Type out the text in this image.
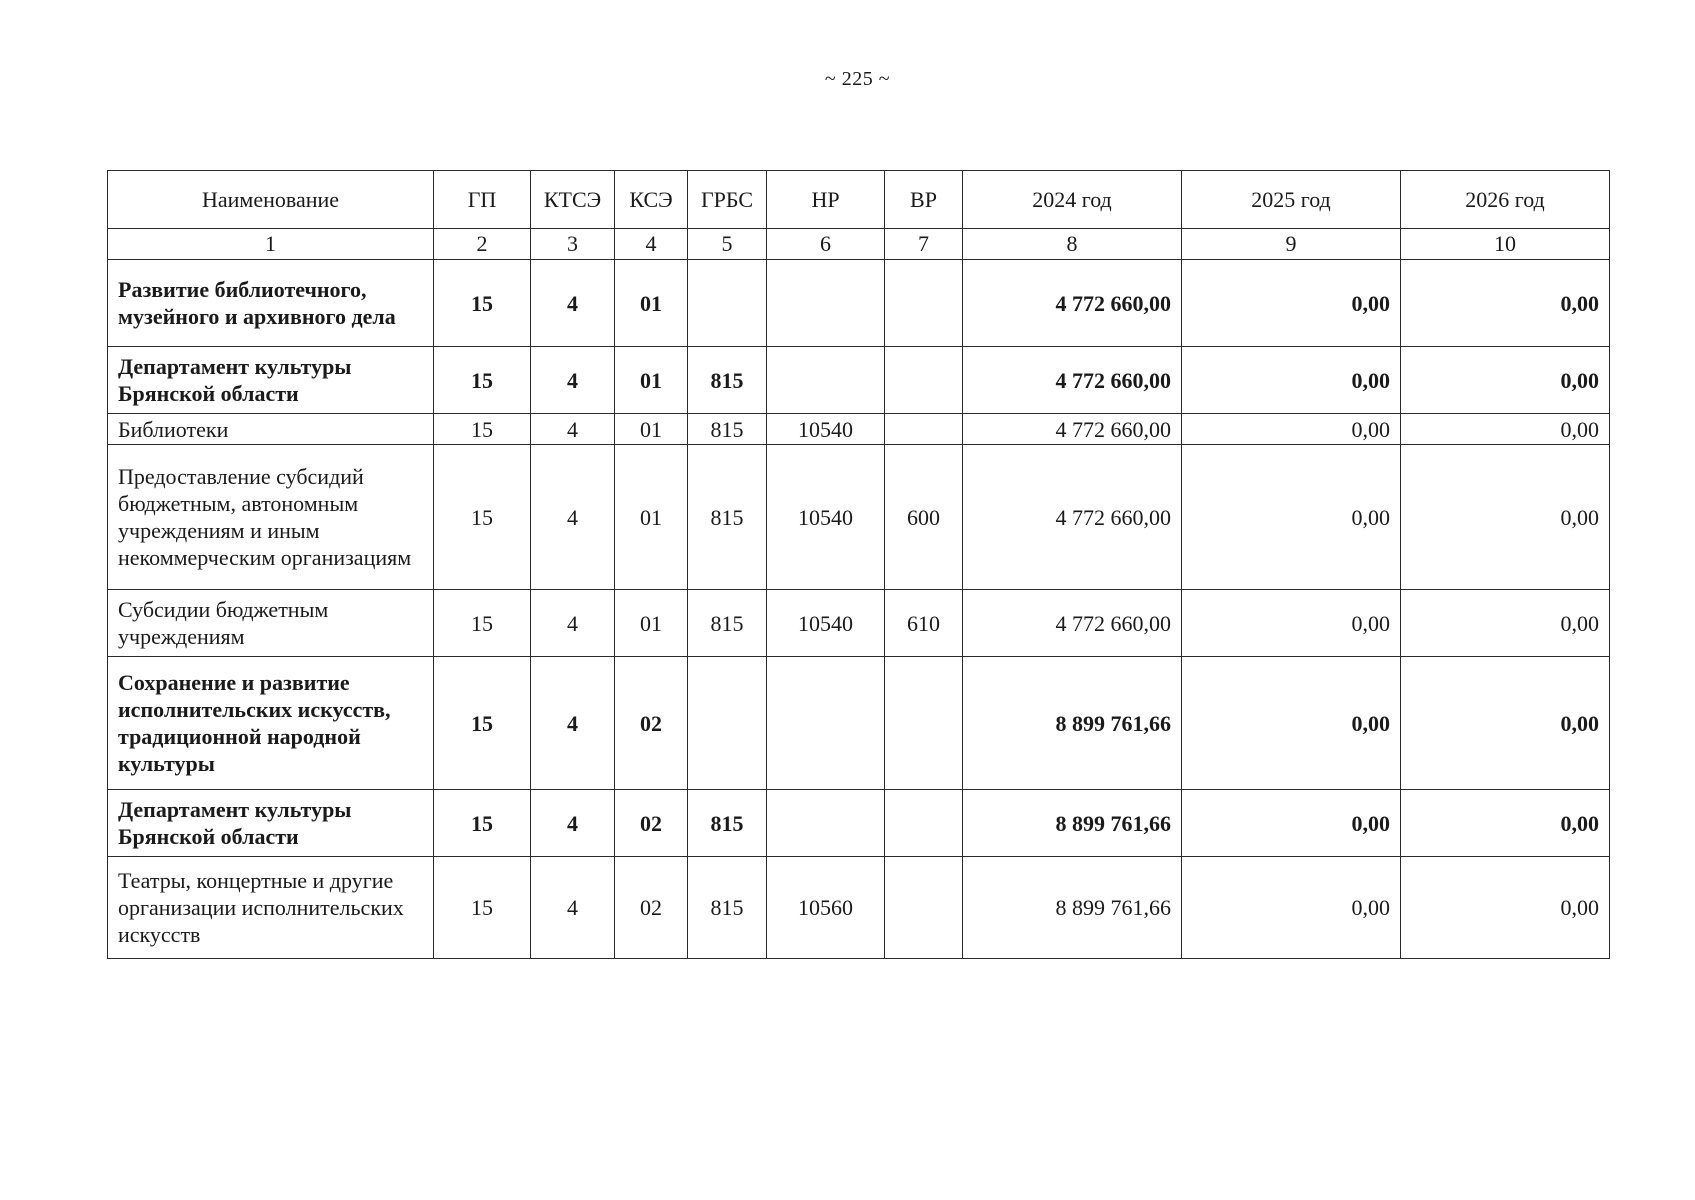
~ 225 ~
Наименование	ГП	КТСЭ	КСЭ	ГРБС	НР	ВР	2024 год	2025 год	2026 год
1	2	3	4	5	6	7	8	9	10
Развитие библиотечного, музейного и архивного дела	15	4	01				4 772 660,00	0,00	0,00
Департамент культуры Брянской области	15	4	01	815			4 772 660,00	0,00	0,00
Библиотеки	15	4	01	815	10540		4 772 660,00	0,00	0,00
Предоставление субсидий бюджетным, автономным учреждениям и иным некоммерческим организациям	15	4	01	815	10540	600	4 772 660,00	0,00	0,00
Субсидии бюджетным учреждениям	15	4	01	815	10540	610	4 772 660,00	0,00	0,00
Сохранение и развитие исполнительских искусств, традиционной народной культуры	15	4	02				8 899 761,66	0,00	0,00
Департамент культуры Брянской области	15	4	02	815			8 899 761,66	0,00	0,00
Театры, концертные и другие организации исполнительских искусств	15	4	02	815	10560		8 899 761,66	0,00	0,00
